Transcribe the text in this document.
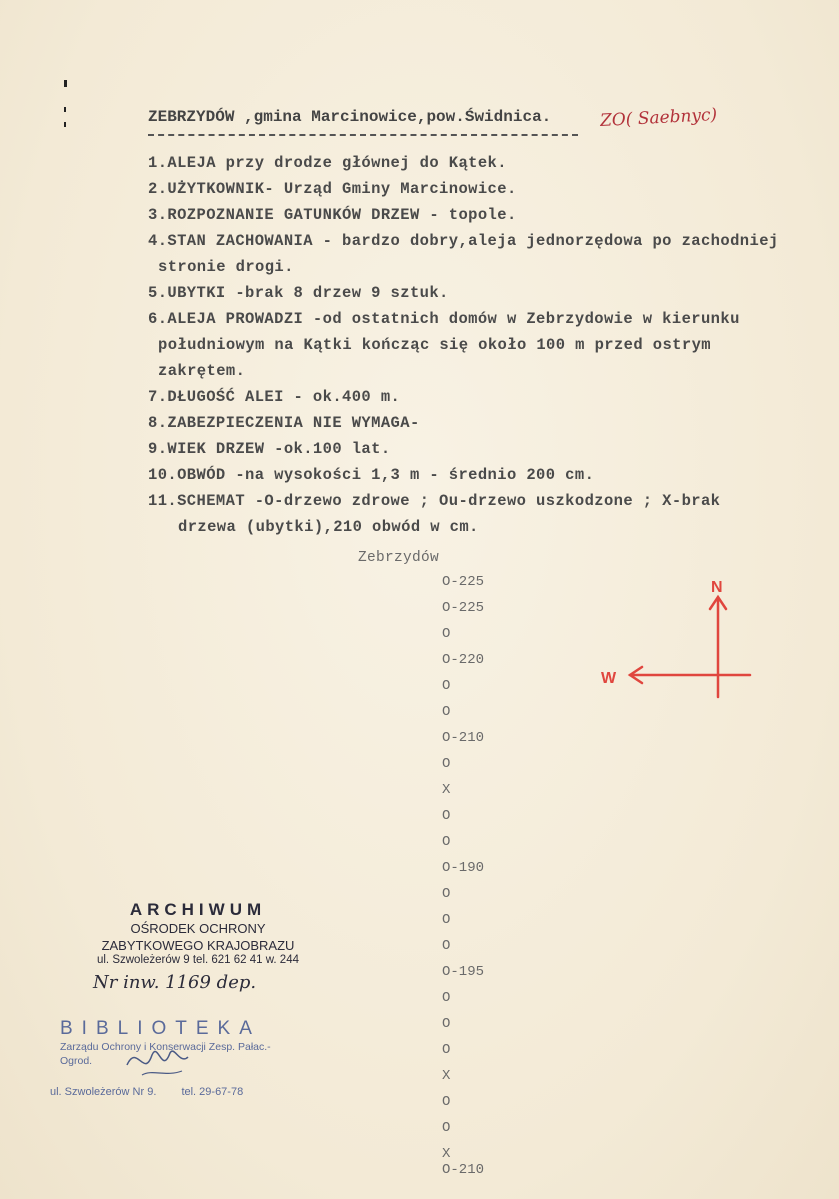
ZEBRZYDÓW ,gmina Marcinowice,pow.Świdnica.	ZO( Saebnyc)
1.ALEJA przy drodze głównej do Kątek.
2.UŻYTKOWNIK- Urząd Gminy Marcinowice.
3.ROZPOZNANIE GATUNKÓW DRZEW - topole.
4.STAN ZACHOWANIA - bardzo dobry,aleja jednorzędowa po zachodniej
stronie drogi.
5.UBYTKI -brak 8 drzew 9 sztuk.
6.ALEJA PROWADZI -od ostatnich domów w Zebrzydowie w kierunku
południowym na Kątki kończąc się około 100 m przed ostrym
zakrętem.
7.DŁUGOŚĆ ALEI - ok.400 m.
8.ZABEZPIECZENIA NIE WYMAGA-
9.WIEK DRZEW -ok.100 lat.
10.OBWÓD -na wysokości 1,3 m - średnio 200 cm.
11.SCHEMAT -O-drzewo zdrowe ; Ou-drzewo uszkodzone ; X-brak
drzewa (ubytki),210 obwód w cm.
Zebrzydów
O-225
O-225
O
O-220
O
O
O-210
O
X
O
O
O-190
O
O
O
O-195
O
O
O
X
O
O
X
O-210
N
W
ARCHIWUM
OŚRODEK OCHRONY
ZABYTKOWEGO KRAJOBRAZU
ul. Szwoleżerów 9 tel. 621 62 41 w. 244
Nr inw. 1169 dep.
BIBLIOTEKA
Zarządu Ochrony i Konserwacji Zesp. Pałac.-Ogrod.
ul. Szwoleżerów Nr 9. tel. 29-67-78
